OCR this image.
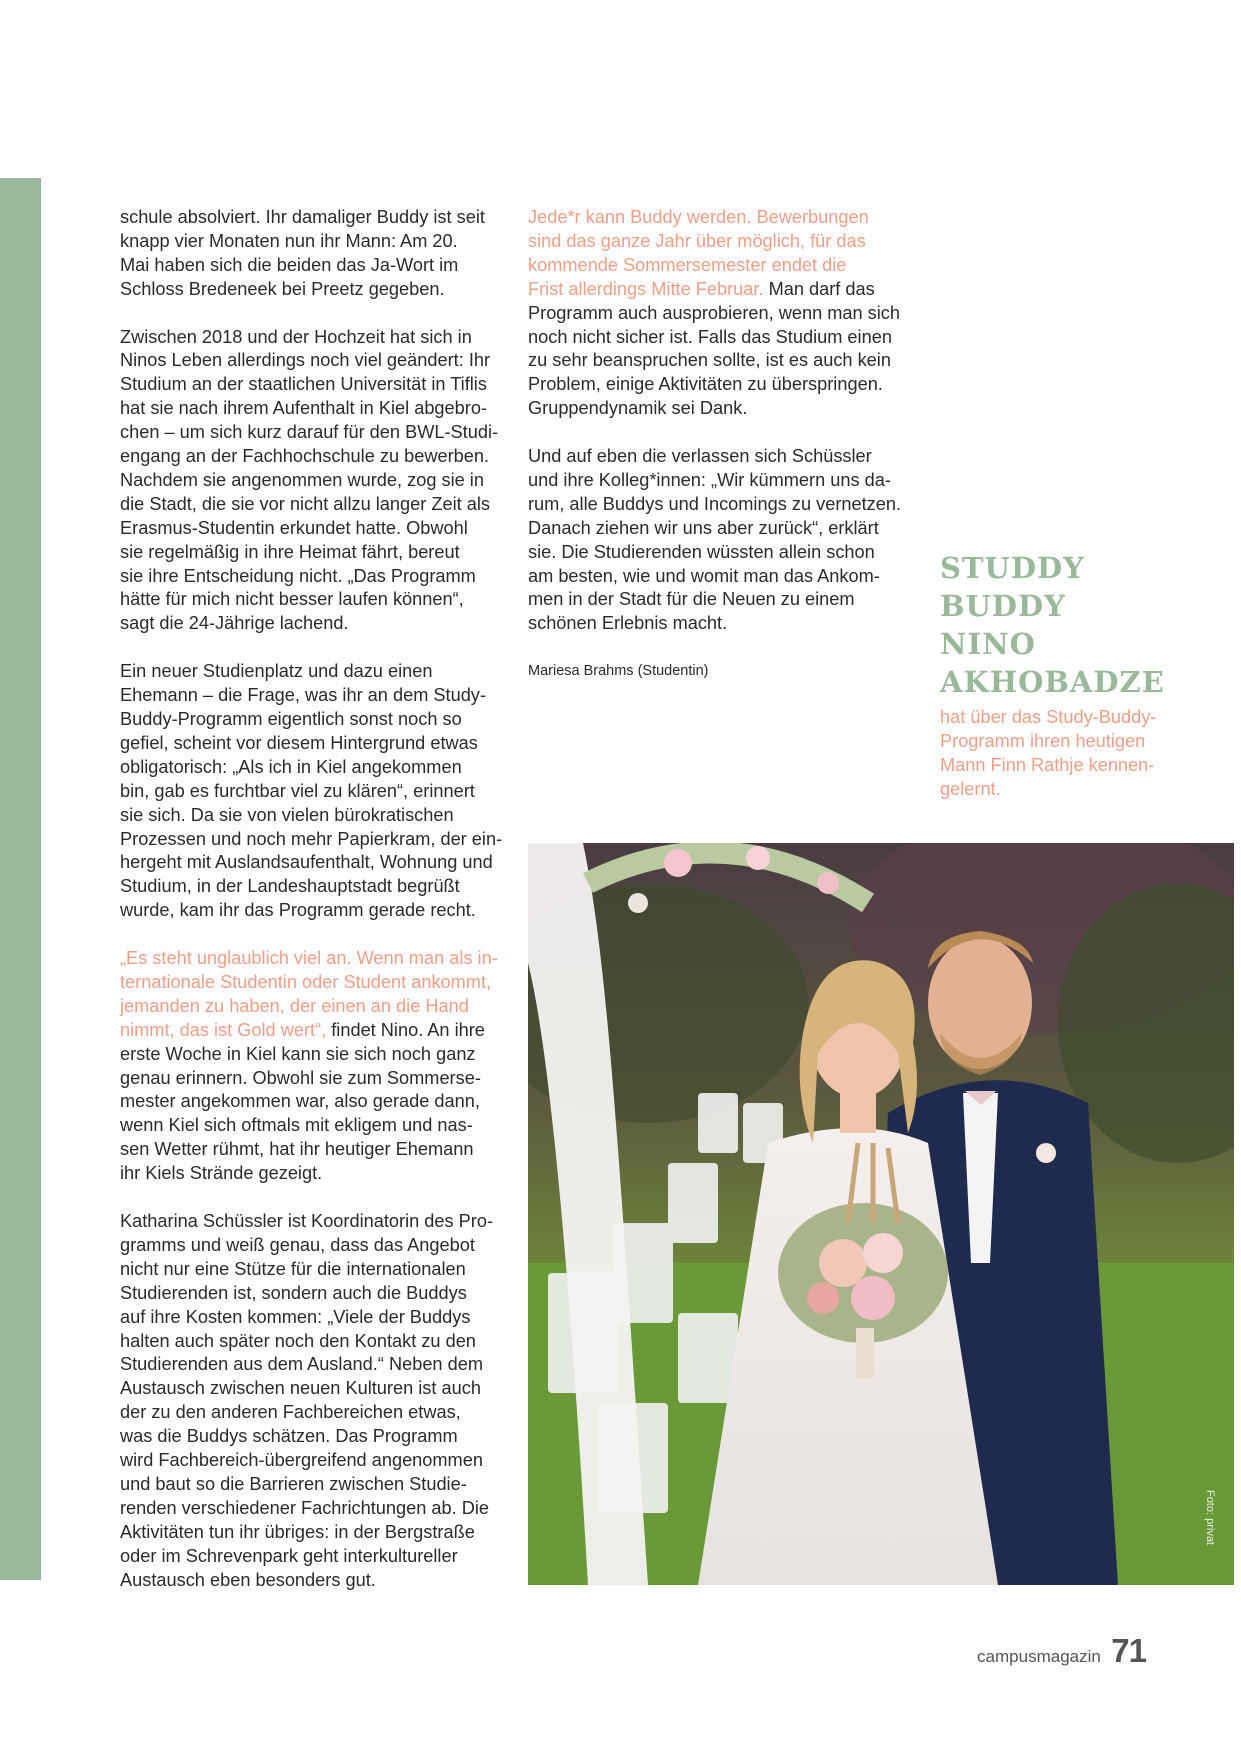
schule absolviert. Ihr damaliger Buddy ist seit
knapp vier Monaten nun ihr Mann: Am 20.
Mai haben sich die beiden das Ja-Wort im
Schloss Bredeneek bei Preetz gegeben.

Zwischen 2018 und der Hochzeit hat sich in
Ninos Leben allerdings noch viel geändert: Ihr
Studium an der staatlichen Universität in Tiflis
hat sie nach ihrem Aufenthalt in Kiel abgebro-
chen – um sich kurz darauf für den BWL-Studi-
engang an der Fachhochschule zu bewerben.
Nachdem sie angenommen wurde, zog sie in
die Stadt, die sie vor nicht allzu langer Zeit als
Erasmus-Studentin erkundet hatte. Obwohl
sie regelmäßig in ihre Heimat fährt, bereut
sie ihre Entscheidung nicht. „Das Programm
hätte für mich nicht besser laufen können“,
sagt die 24-Jährige lachend.

Ein neuer Studienplatz und dazu einen
Ehemann – die Frage, was ihr an dem Study-
Buddy-Programm eigentlich sonst noch so
gefiel, scheint vor diesem Hintergrund etwas
obligatorisch: „Als ich in Kiel angekommen
bin, gab es furchtbar viel zu klären“, erinnert
sie sich. Da sie von vielen bürokratischen
Prozessen und noch mehr Papierkram, der ein-
hergeht mit Auslandsaufenthalt, Wohnung und
Studium, in der Landeshauptstadt begrüßt
wurde, kam ihr das Programm gerade recht.

„Es steht unglaublich viel an. Wenn man als in-
ternationale Studentin oder Student ankommt,
jemanden zu haben, der einen an die Hand
nimmt, das ist Gold wert“, findet Nino. An ihre
erste Woche in Kiel kann sie sich noch ganz
genau erinnern. Obwohl sie zum Sommerse-
mester angekommen war, also gerade dann,
wenn Kiel sich oftmals mit ekligem und nas-
sen Wetter rühmt, hat ihr heutiger Ehemann
ihr Kiels Strände gezeigt.

Katharina Schüssler ist Koordinatorin des Pro-
gramms und weiß genau, dass das Angebot
nicht nur eine Stütze für die internationalen
Studierenden ist, sondern auch die Buddys
auf ihre Kosten kommen: „Viele der Buddys
halten auch später noch den Kontakt zu den
Studierenden aus dem Ausland.“ Neben dem
Austausch zwischen neuen Kulturen ist auch
der zu den anderen Fachbereichen etwas,
was die Buddys schätzen. Das Programm
wird Fachbereich-übergreifend angenommen
und baut so die Barrieren zwischen Studie-
renden verschiedener Fachrichtungen ab. Die
Aktivitäten tun ihr übriges: in der Bergstraße
oder im Schrevenpark geht interkultureller
Austausch eben besonders gut.

Jede*r kann Buddy werden. Bewerbungen
sind das ganze Jahr über möglich, für das
kommende Sommersemester endet die
Frist allerdings Mitte Februar. Man darf das
Programm auch ausprobieren, wenn man sich
noch nicht sicher ist. Falls das Studium einen
zu sehr beanspruchen sollte, ist es auch kein
Problem, einige Aktivitäten zu überspringen.
Gruppendynamik sei Dank.

Und auf eben die verlassen sich Schüssler
und ihre Kolleg*innen: „Wir kümmern uns da-
rum, alle Buddys und Incomings zu vernetzen.
Danach ziehen wir uns aber zurück“, erklärt
sie. Die Studierenden wüssten allein schon
am besten, wie und womit man das Ankom-
men in der Stadt für die Neuen zu einem
schönen Erlebnis macht.

Mariesa Brahms (Studentin)

STUDDY
BUDDY
NINO
AKHOBADZE

hat über das Study-Buddy-
Programm ihren heutigen
Mann Finn Rathje kennen-
gelernt.

Foto: privat
campusmagazin 71
